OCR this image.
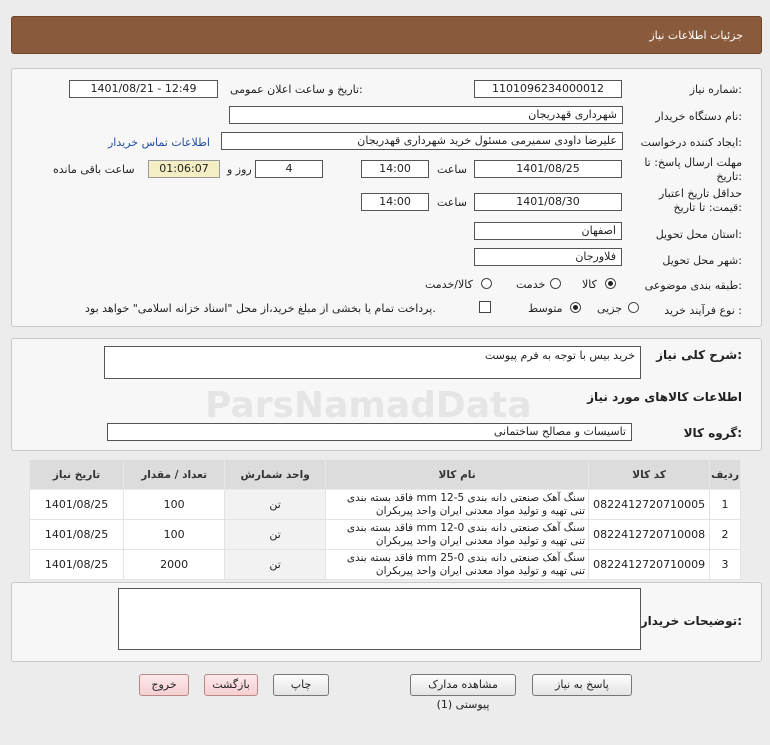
جزئیات اطلاعات نیاز
شماره نیاز:
1101096234000012
تاریخ و ساعت اعلان عمومی:
1401/08/21 - 12:49
نام دستگاه خریدار:
شهرداری قهدریجان
ایجاد کننده درخواست:
علیرضا داودی سمیرمی مسئول خرید شهرداری قهدریجان
اطلاعات تماس خریدار
مهلت ارسال پاسخ: تا
تاریخ:
1401/08/25
ساعت
14:00
4
روز و
01:06:07
ساعت باقی مانده
حداقل تاریخ اعتبار
قیمت: تا تاریخ:
1401/08/30
ساعت
14:00
استان محل تحویل:
اصفهان
شهر محل تحویل:
فلاورجان
طبقه بندی موضوعی:
کالا
خدمت
کالا/خدمت
نوع فرآیند خرید :
جزیی
متوسط
پرداخت تمام یا بخشی از مبلغ خرید،از محل "اسناد خزانه اسلامی" خواهد بود.
شرح کلی نیاز:
خرید بیس با توجه به فرم پیوست
اطلاعات کالاهای مورد نیاز
گروه کالا:
تاسیسات و مصالح ساختمانی
ردیف	کد کالا	نام کالا	واحد شمارش	تعداد / مقدار	تاریخ نیاز
1	0822412720710005	سنگ آهک صنعتی دانه بندی mm 12-5 فاقد بسته بندی تنی تهیه و تولید مواد معدنی ایران واحد پیربکران	تن	100	1401/08/25
2	0822412720710008	سنگ آهک صنعتی دانه بندی mm 12-0 فاقد بسته بندی تنی تهیه و تولید مواد معدنی ایران واحد پیربکران	تن	100	1401/08/25
3	0822412720710009	سنگ آهک صنعتی دانه بندی mm 25-0 فاقد بسته بندی تنی تهیه و تولید مواد معدنی ایران واحد پیربکران	تن	2000	1401/08/25
توضیحات خریدار:
پاسخ به نیاز
مشاهده مدارک پیوستی (1)
چاپ
بازگشت
خروج
